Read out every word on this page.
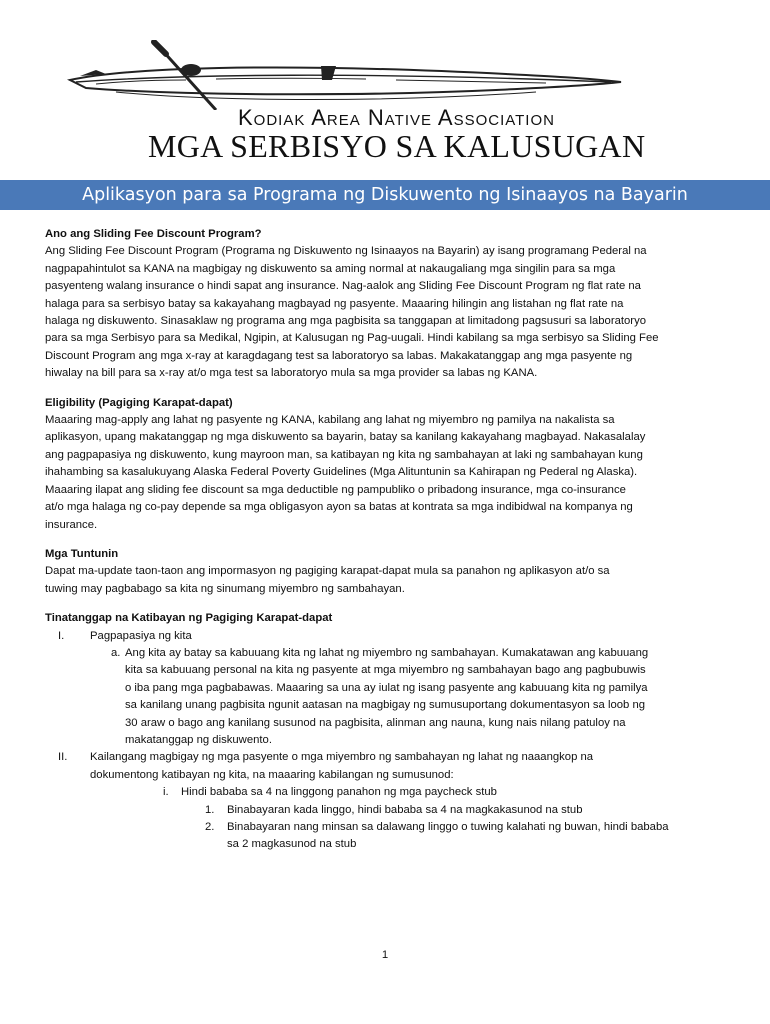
Kodiak Area Native Association
MGA SERBISYO SA KALUSUGAN
Aplikasyon para sa Programa ng Diskuwento ng Isinaayos na Bayarin

Ano ang Sliding Fee Discount Program?

Ang Sliding Fee Discount Program (Programa ng Diskuwento ng Isinaayos na Bayarin) ay isang programang Pederal na
nagpapahintulot sa KANA na magbigay ng diskuwento sa aming normal at nakaugaliang mga singilin para sa mga
pasyenteng walang insurance o hindi sapat ang insurance. Nag-aalok ang Sliding Fee Discount Program ng flat rate na
halaga para sa serbisyo batay sa kakayahang magbayad ng pasyente. Maaaring hilingin ang listahan ng flat rate na
halaga ng diskuwento. Sinasaklaw ng programa ang mga pagbisita sa tanggapan at limitadong pagsusuri sa laboratoryo
para sa mga Serbisyo para sa Medikal, Ngipin, at Kalusugan ng Pag-uugali. Hindi kabilang sa mga serbisyo sa Sliding Fee
Discount Program ang mga x-ray at karagdagang test sa laboratoryo sa labas. Makakatanggap ang mga pasyente ng
hiwalay na bill para sa x-ray at/o mga test sa laboratoryo mula sa mga provider sa labas ng KANA.

Eligibility (Pagiging Karapat-dapat)

Maaaring mag-apply ang lahat ng pasyente ng KANA, kabilang ang lahat ng miyembro ng pamilya na nakalista sa
aplikasyon, upang makatanggap ng mga diskuwento sa bayarin, batay sa kanilang kakayahang magbayad. Nakasalalay
ang pagpapasiya ng diskuwento, kung mayroon man, sa katibayan ng kita ng sambahayan at laki ng sambahayan kung
ihahambing sa kasalukuyang Alaska Federal Poverty Guidelines (Mga Alituntunin sa Kahirapan ng Pederal ng Alaska).
Maaaring ilapat ang sliding fee discount sa mga deductible ng pampubliko o pribadong insurance, mga co-insurance
at/o mga halaga ng co-pay depende sa mga obligasyon ayon sa batas at kontrata sa mga indibidwal na kompanya ng
insurance.

Mga Tuntunin

Dapat ma-update taon-taon ang impormasyon ng pagiging karapat-dapat mula sa panahon ng aplikasyon at/o sa
tuwing may pagbabago sa kita ng sinumang miyembro ng sambahayan.

Tinatanggap na Katibayan ng Pagiging Karapat-dapat

I.	Pagpapasiya ng kita
a. Ang kita ay batay sa kabuuang kita ng lahat ng miyembro ng sambahayan. Kumakatawan ang kabuuang
kita sa kabuuang personal na kita ng pasyente at mga miyembro ng sambahayan bago ang pagbubuwis
o iba pang mga pagbabawas. Maaaring sa una ay iulat ng isang pasyente ang kabuuang kita ng pamilya
sa kanilang unang pagbisita ngunit aatasan na magbigay ng sumusuportang dokumentasyon sa loob ng
30 araw o bago ang kanilang susunod na pagbisita, alinman ang nauna, kung nais nilang patuloy na
makatanggap ng diskuwento.
II.	Kailangang magbigay ng mga pasyente o mga miyembro ng sambahayan ng lahat ng naaangkop na
dokumentong katibayan ng kita, na maaaring kabilangan ng sumusunod:
i. Hindi bababa sa 4 na linggong panahon ng mga paycheck stub
1. Binabayaran kada linggo, hindi bababa sa 4 na magkakasunod na stub
2. Binabayaran nang minsan sa dalawang linggo o tuwing kalahati ng buwan, hindi bababa
sa 2 magkasunod na stub
1
